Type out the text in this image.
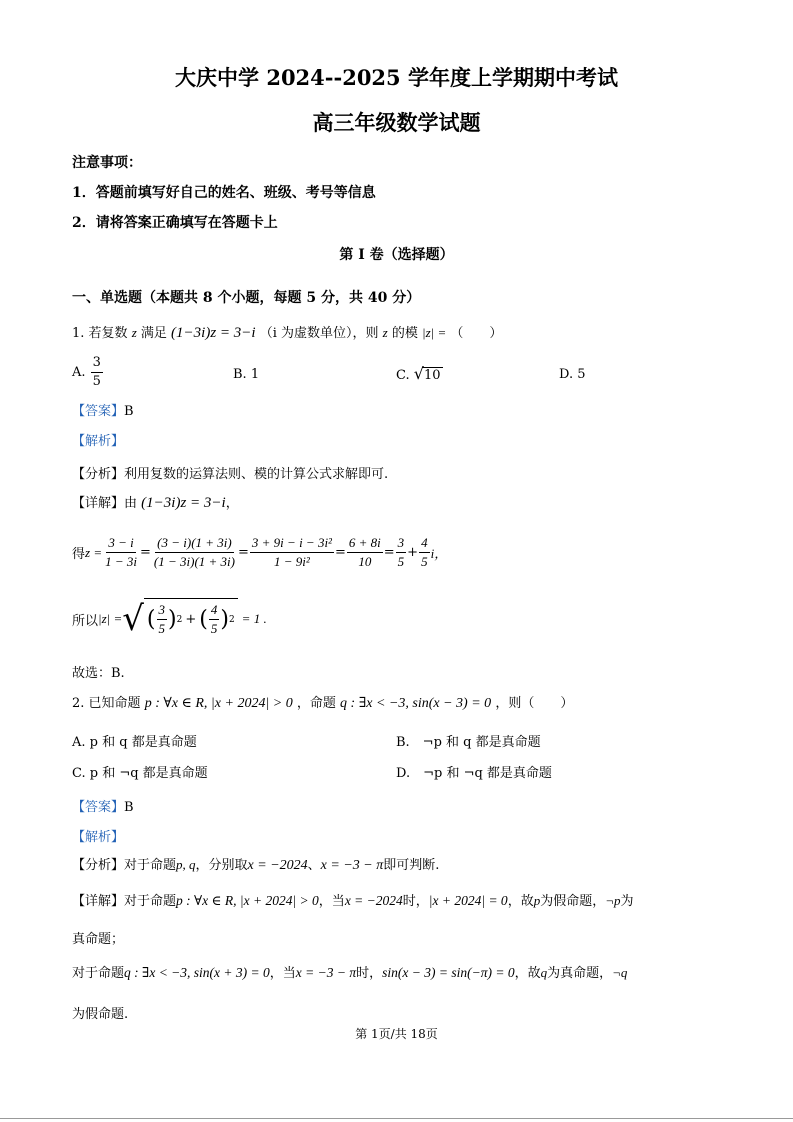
大庆中学 2024--2025 学年度上学期期中考试
高三年级数学试题
注意事项：
1．答题前填写好自己的姓名、班级、考号等信息
2．请将答案正确填写在答题卡上
第 I 卷（选择题）
一、单选题（本题共 8 个小题，每题 5 分，共 40 分）
1. 若复数 z 满足 (1−3i)z = 3−i （i 为虚数单位），则 z 的模 |z| = （　　）
A. $\frac{3}{5}$	B. 1	C. √10	D. 5
【答案】B
【解析】
【分析】利用复数的运算法则、模的计算公式求解即可.
【详解】由 (1−3i)z = 3−i，
得 $z = \frac{3 - i}{1 - 3i} = \frac{(3 - i)(1 + 3i)}{(1 - 3i)(1 + 3i)} = \frac{\text{3 + 9i − i − 3i²}}{\text{1 − 9i²}} = \frac{6 + 8i}{10} = \frac{3}{5} + \frac{4}{5}$ i，
所以 |z| = √ ( $\frac{3}{5}$ ) 2 + ( $\frac{4}{5}$ ) 2 = 1 .
故选：B.
2. 已知命题 p : ∀x ∈ R, |x + 2024| > 0 ，命题 q : ∃x < −3, sin(x − 3) = 0 ，则（　　）
A. p 和 q 都是真命题	B.　¬p 和 q 都是真命题
C. p 和 ¬q 都是真命题	D.　¬p 和 ¬q 都是真命题
【答案】B
【解析】
【分析】对于命题p, q，分别取x = −2024、x = −3 − π即可判断.
【详解】对于命题p : ∀x ∈ R, |x + 2024| > 0，当x = −2024时，|x + 2024| = 0，故p为假命题，¬p为
真命题；
对于命题q : ∃x < −3, sin(x + 3) = 0，当x = −3 − π时，sin(x − 3) = sin(−π) = 0，故q为真命题，¬q
为假命题.
第 1页/共 18页
